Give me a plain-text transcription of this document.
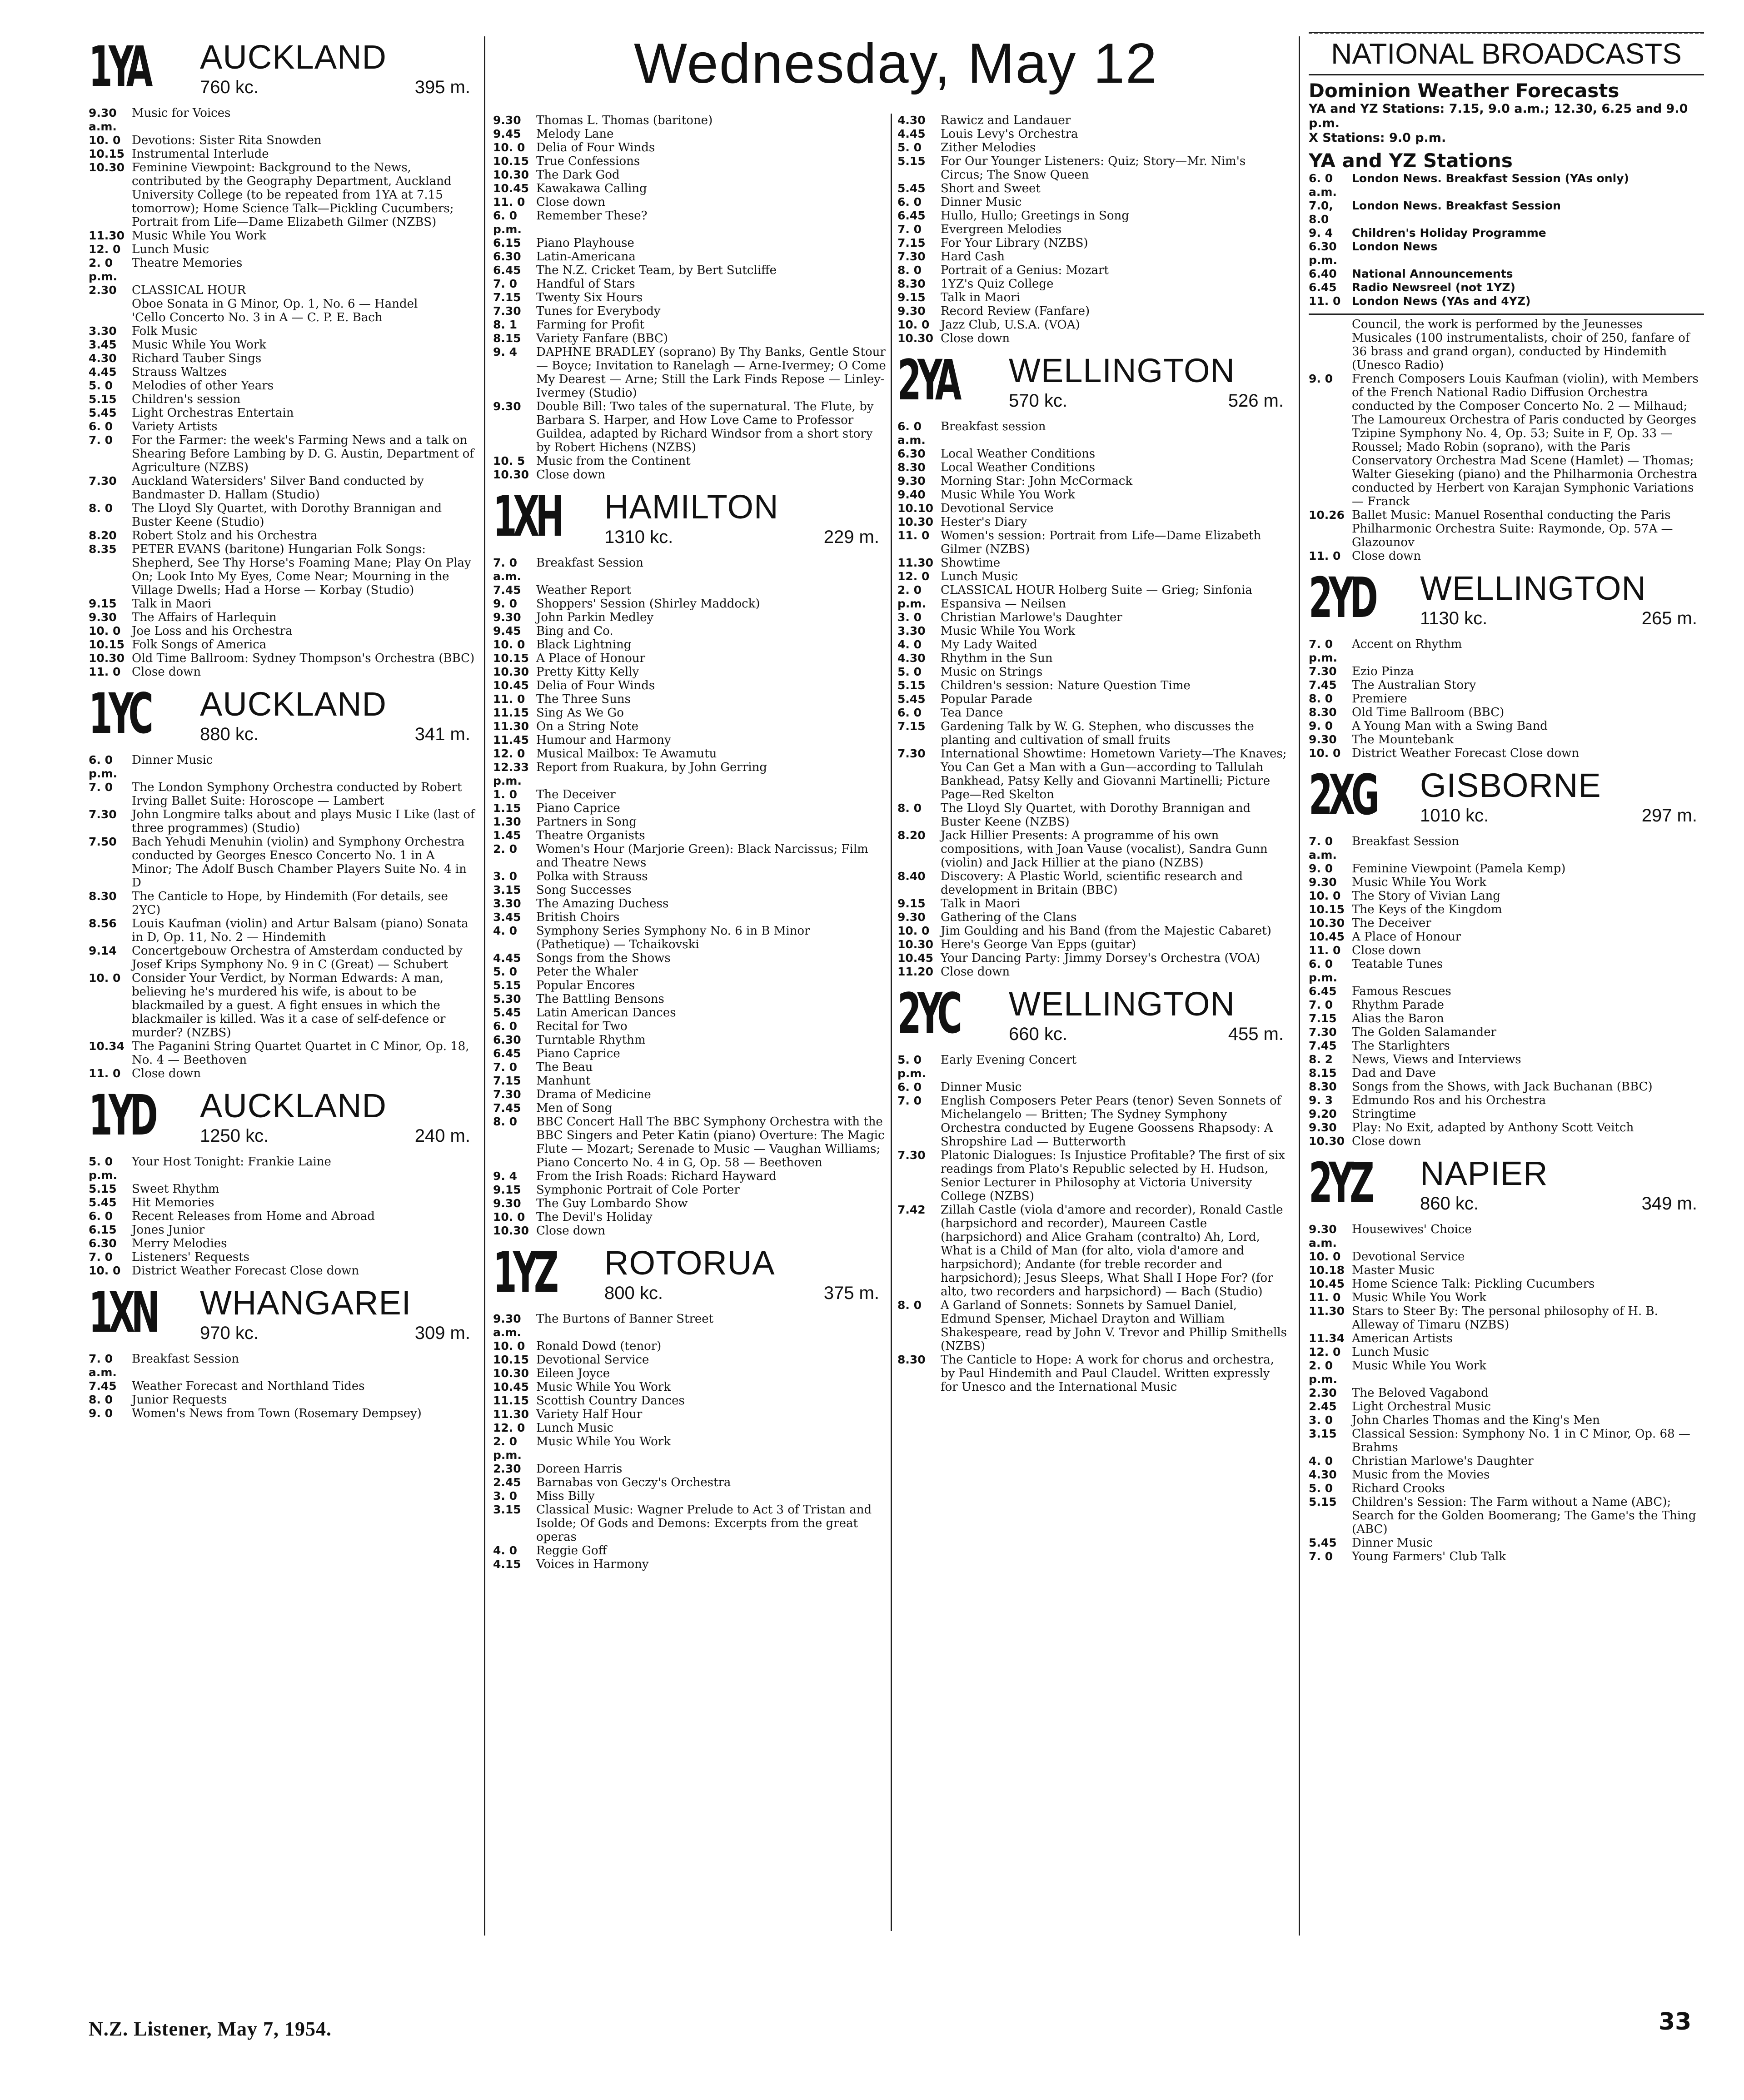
Wednesday, May 12
1YA AUCKLAND
760 kc.	395 m.
9.30 a.m.
Music for Voices
10. 0 Devotions: Sister Rita Snowden
10.15 Instrumental Interlude
10.30 Feminine Viewpoint: Background to the News, contributed by the Geography Department, Auckland University College (to be repeated from 1YA at 7.15 tomorrow); Home Science Talk—Pickling Cucumbers; Portrait from Life—Dame Elizabeth Gilmer (NZBS)
11.30 Music While You Work
12. 0 Lunch Music
2. 0 p.m.
Theatre Memories
2.30	CLASSICAL HOUR
Oboe Sonata in G Minor, Op. 1, No. 6 — Handel
'Cello Concerto No. 3 in A — C. P. E. Bach
3.30	Folk Music
3.45	Music While You Work
4.30	Richard Tauber Sings
4.45	Strauss Waltzes
5. 0	Melodies of other Years
5.15	Children's session
5.45	Light Orchestras Entertain
6. 0	Variety Artists
7. 0	For the Farmer: the week's Farming News and a talk on Shearing Before Lambing by D. G. Austin, Department of Agriculture (NZBS)
7.30	Auckland Watersiders' Silver Band conducted by Bandmaster D. Hallam (Studio)
8. 0	The Lloyd Sly Quartet, with Dorothy Brannigan and Buster Keene (Studio)
8.20	Robert Stolz and his Orchestra
8.35	PETER EVANS (baritone) Hungarian Folk Songs: Shepherd, See Thy Horse's Foaming Mane; Play On Play On; Look Into My Eyes, Come Near; Mourning in the Village Dwells; Had a Horse — Korbay (Studio)
9.15	Talk in Maori
9.30	The Affairs of Harlequin
10. 0 Joe Loss and his Orchestra
10.15 Folk Songs of America
10.30 Old Time Ballroom: Sydney Thompson's Orchestra (BBC)
11. 0 Close down
1YC AUCKLAND
880 kc.	341 m.
6. 0 p.m.
Dinner Music
7. 0	The London Symphony Orchestra conducted by Robert Irving Ballet Suite: Horoscope — Lambert
7.30	John Longmire talks about and plays Music I Like (last of three programmes) (Studio)
7.50	Bach Yehudi Menuhin (violin) and Symphony Orchestra conducted by Georges Enesco Concerto No. 1 in A Minor; The Adolf Busch Chamber Players Suite No. 4 in D
8.30	The Canticle to Hope, by Hindemith (For details, see 2YC)
8.56	Louis Kaufman (violin) and Artur Balsam (piano) Sonata in D, Op. 11, No. 2 — Hindemith
9.14	Concertgebouw Orchestra of Amsterdam conducted by Josef Krips Symphony No. 9 in C (Great) — Schubert
10. 0 Consider Your Verdict, by Norman Edwards: A man, believing he's murdered his wife, is about to be blackmailed by a guest. A fight ensues in which the blackmailer is killed. Was it a case of self-defence or murder? (NZBS)
10.34 The Paganini String Quartet Quartet in C Minor, Op. 18, No. 4 — Beethoven
11. 0 Close down
1YD AUCKLAND
1250 kc.	240 m.
5. 0 p.m.
Your Host Tonight: Frankie Laine
5.15	Sweet Rhythm
5.45	Hit Memories
6. 0	Recent Releases from Home and Abroad
6.15	Jones Junior
6.30	Merry Melodies
7. 0	Listeners' Requests
10. 0 District Weather Forecast Close down
1XN WHANGAREI
970 kc.	309 m.
7. 0 a.m.
Breakfast Session
7.45	Weather Forecast and Northland Tides
8. 0	Junior Requests
9. 0	Women's News from Town (Rosemary Dempsey)
9.30	Thomas L. Thomas (baritone)
9.45	Melody Lane
10. 0 Delia of Four Winds
10.15 True Confessions
10.30 The Dark God
10.45 Kawakawa Calling
11. 0 Close down
6. 0 p.m.
Remember These?
6.15	Piano Playhouse
6.30	Latin-Americana
6.45	The N.Z. Cricket Team, by Bert Sutcliffe
7. 0	Handful of Stars
7.15	Twenty Six Hours
7.30	Tunes for Everybody
8. 1	Farming for Profit
8.15	Variety Fanfare (BBC)
9. 4	DAPHNE BRADLEY (soprano) By Thy Banks, Gentle Stour — Boyce; Invitation to Ranelagh — Arne-Ivermey; O Come My Dearest — Arne; Still the Lark Finds Repose — Linley-Ivermey (Studio)
9.30	Double Bill: Two tales of the supernatural. The Flute, by Barbara S. Harper, and How Love Came to Professor Guildea, adapted by Richard Windsor from a short story by Robert Hichens (NZBS)
10. 5 Music from the Continent
10.30 Close down
1XH HAMILTON
1310 kc.	229 m.
7. 0 a.m.
Breakfast Session
7.45	Weather Report
9. 0	Shoppers' Session (Shirley Maddock)
9.30	John Parkin Medley
9.45	Bing and Co.
10. 0 Black Lightning
10.15 A Place of Honour
10.30 Pretty Kitty Kelly
10.45 Delia of Four Winds
11. 0 The Three Suns
11.15 Sing As We Go
11.30 On a String Note
11.45 Humour and Harmony
12. 0 Musical Mailbox: Te Awamutu
12.33 p.m.
Report from Ruakura, by John Gerring
1. 0	The Deceiver
1.15	Piano Caprice
1.30	Partners in Song
1.45	Theatre Organists
2. 0	Women's Hour (Marjorie Green): Black Narcissus; Film and Theatre News
3. 0	Polka with Strauss
3.15	Song Successes
3.30	The Amazing Duchess
3.45	British Choirs
4. 0	Symphony Series Symphony No. 6 in B Minor (Pathetique) — Tchaikovski
4.45	Songs from the Shows
5. 0	Peter the Whaler
5.15	Popular Encores
5.30	The Battling Bensons
5.45	Latin American Dances
6. 0	Recital for Two
6.30	Turntable Rhythm
6.45	Piano Caprice
7. 0	The Beau
7.15	Manhunt
7.30	Drama of Medicine
7.45	Men of Song
8. 0	BBC Concert Hall The BBC Symphony Orchestra with the BBC Singers and Peter Katin (piano) Overture: The Magic Flute — Mozart; Serenade to Music — Vaughan Williams; Piano Concerto No. 4 in G, Op. 58 — Beethoven
9. 4	From the Irish Roads: Richard Hayward
9.15	Symphonic Portrait of Cole Porter
9.30	The Guy Lombardo Show
10. 0 The Devil's Holiday
10.30 Close down
1YZ ROTORUA
800 kc.	375 m.
9.30 a.m.
The Burtons of Banner Street
10. 0 Ronald Dowd (tenor)
10.15 Devotional Service
10.30 Eileen Joyce
10.45 Music While You Work
11.15 Scottish Country Dances
11.30 Variety Half Hour
12. 0 Lunch Music
2. 0 p.m.
Music While You Work
2.30	Doreen Harris
2.45	Barnabas von Geczy's Orchestra
3. 0	Miss Billy
3.15	Classical Music: Wagner Prelude to Act 3 of Tristan and Isolde; Of Gods and Demons: Excerpts from the great operas
4. 0	Reggie Goff
4.15	Voices in Harmony
4.30	Rawicz and Landauer
4.45	Louis Levy's Orchestra
5. 0	Zither Melodies
5.15	For Our Younger Listeners: Quiz; Story—Mr. Nim's Circus; The Snow Queen
5.45	Short and Sweet
6. 0	Dinner Music
6.45	Hullo, Hullo; Greetings in Song
7. 0	Evergreen Melodies
7.15	For Your Library (NZBS)
7.30	Hard Cash
8. 0	Portrait of a Genius: Mozart
8.30	1YZ's Quiz College
9.15	Talk in Maori
9.30	Record Review (Fanfare)
10. 0 Jazz Club, U.S.A. (VOA)
10.30 Close down
2YA WELLINGTON
570 kc.	526 m.
6. 0 a.m.
Breakfast session
6.30	Local Weather Conditions
8.30	Local Weather Conditions
9.30	Morning Star: John McCormack
9.40	Music While You Work
10.10 Devotional Service
10.30 Hester's Diary
11. 0 Women's session: Portrait from Life—Dame Elizabeth Gilmer (NZBS)
11.30 Showtime
12. 0 Lunch Music
2. 0 p.m.
CLASSICAL HOUR Holberg Suite — Grieg; Sinfonia Espansiva — Neilsen
3. 0	Christian Marlowe's Daughter
3.30	Music While You Work
4. 0	My Lady Waited
4.30	Rhythm in the Sun
5. 0	Music on Strings
5.15	Children's session: Nature Question Time
5.45	Popular Parade
6. 0	Tea Dance
7.15	Gardening Talk by W. G. Stephen, who discusses the planting and cultivation of small fruits
7.30	International Showtime: Hometown Variety—The Knaves; You Can Get a Man with a Gun—according to Tallulah Bankhead, Patsy Kelly and Giovanni Martinelli; Picture Page—Red Skelton
8. 0	The Lloyd Sly Quartet, with Dorothy Brannigan and Buster Keene (NZBS)
8.20	Jack Hillier Presents: A programme of his own compositions, with Joan Vause (vocalist), Sandra Gunn (violin) and Jack Hillier at the piano (NZBS)
8.40	Discovery: A Plastic World, scientific research and development in Britain (BBC)
9.15	Talk in Maori
9.30	Gathering of the Clans
10. 0 Jim Goulding and his Band (from the Majestic Cabaret)
10.30 Here's George Van Epps (guitar)
10.45 Your Dancing Party: Jimmy Dorsey's Orchestra (VOA)
11.20 Close down
2YC WELLINGTON
660 kc.	455 m.
5. 0 p.m.
Early Evening Concert
6. 0	Dinner Music
7. 0	English Composers Peter Pears (tenor) Seven Sonnets of Michelangelo — Britten; The Sydney Symphony Orchestra conducted by Eugene Goossens Rhapsody: A Shropshire Lad — Butterworth
7.30	Platonic Dialogues: Is Injustice Profitable? The first of six readings from Plato's Republic selected by H. Hudson, Senior Lecturer in Philosophy at Victoria University College (NZBS)
7.42	Zillah Castle (viola d'amore and recorder), Ronald Castle (harpsichord and recorder), Maureen Castle (harpsichord) and Alice Graham (contralto) Ah, Lord, What is a Child of Man (for alto, viola d'amore and harpsichord); Andante (for treble recorder and harpsichord); Jesus Sleeps, What Shall I Hope For? (for alto, two recorders and harpsichord) — Bach (Studio)
8. 0	A Garland of Sonnets: Sonnets by Samuel Daniel, Edmund Spenser, Michael Drayton and William Shakespeare, read by John V. Trevor and Phillip Smithells (NZBS)
8.30	The Canticle to Hope: A work for chorus and orchestra, by Paul Hindemith and Paul Claudel. Written expressly for Unesco and the International Music
NATIONAL BROADCASTS
Dominion Weather Forecasts
YA and YZ Stations: 7.15, 9.0 a.m.; 12.30, 6.25 and 9.0 p.m.
X Stations: 9.0 p.m.
YA and YZ Stations
6. 0 a.m.
London News. Breakfast Session (YAs only)
7.0, 8.0
London News. Breakfast Session
9. 4	Children's Holiday Programme
6.30 p.m.
London News
6.40	National Announcements
6.45	Radio Newsreel (not 1YZ)
11. 0 London News (YAs and 4YZ)
Council, the work is performed by the Jeunesses Musicales (100 instrumentalists, choir of 250, fanfare of 36 brass and grand organ), conducted by Hindemith (Unesco Radio)
9. 0	French Composers Louis Kaufman (violin), with Members of the French National Radio Diffusion Orchestra conducted by the Composer Concerto No. 2 — Milhaud; The Lamoureux Orchestra of Paris conducted by Georges Tzipine Symphony No. 4, Op. 53; Suite in F, Op. 33 — Roussel; Mado Robin (soprano), with the Paris Conservatory Orchestra Mad Scene (Hamlet) — Thomas; Walter Gieseking (piano) and the Philharmonia Orchestra conducted by Herbert von Karajan Symphonic Variations — Franck
10.26 Ballet Music: Manuel Rosenthal conducting the Paris Philharmonic Orchestra Suite: Raymonde, Op. 57A — Glazounov
11. 0 Close down
2YD WELLINGTON
1130 kc.	265 m.
7. 0 p.m.
Accent on Rhythm
7.30	Ezio Pinza
7.45	The Australian Story
8. 0	Premiere
8.30	Old Time Ballroom (BBC)
9. 0	A Young Man with a Swing Band
9.30	The Mountebank
10. 0 District Weather Forecast Close down
2XG GISBORNE
1010 kc.	297 m.
7. 0 a.m.
Breakfast Session
9. 0	Feminine Viewpoint (Pamela Kemp)
9.30	Music While You Work
10. 0 The Story of Vivian Lang
10.15 The Keys of the Kingdom
10.30 The Deceiver
10.45 A Place of Honour
11. 0 Close down
6. 0 p.m.
Teatable Tunes
6.45	Famous Rescues
7. 0	Rhythm Parade
7.15	Alias the Baron
7.30	The Golden Salamander
7.45	The Starlighters
8. 2	News, Views and Interviews
8.15	Dad and Dave
8.30	Songs from the Shows, with Jack Buchanan (BBC)
9. 3	Edmundo Ros and his Orchestra
9.20	Stringtime
9.30	Play: No Exit, adapted by Anthony Scott Veitch
10.30 Close down
2YZ NAPIER
860 kc.	349 m.
9.30 a.m.
Housewives' Choice
10. 0 Devotional Service
10.18 Master Music
10.45 Home Science Talk: Pickling Cucumbers
11. 0 Music While You Work
11.30 Stars to Steer By: The personal philosophy of H. B. Alleway of Timaru (NZBS)
11.34 American Artists
12. 0 Lunch Music
2. 0 p.m.
Music While You Work
2.30	The Beloved Vagabond
2.45	Light Orchestral Music
3. 0	John Charles Thomas and the King's Men
3.15	Classical Session: Symphony No. 1 in C Minor, Op. 68 — Brahms
4. 0	Christian Marlowe's Daughter
4.30	Music from the Movies
5. 0	Richard Crooks
5.15	Children's Session: The Farm without a Name (ABC); Search for the Golden Boomerang; The Game's the Thing (ABC)
5.45	Dinner Music
7. 0	Young Farmers' Club Talk
N.Z. Listener, May 7, 1954.	33
